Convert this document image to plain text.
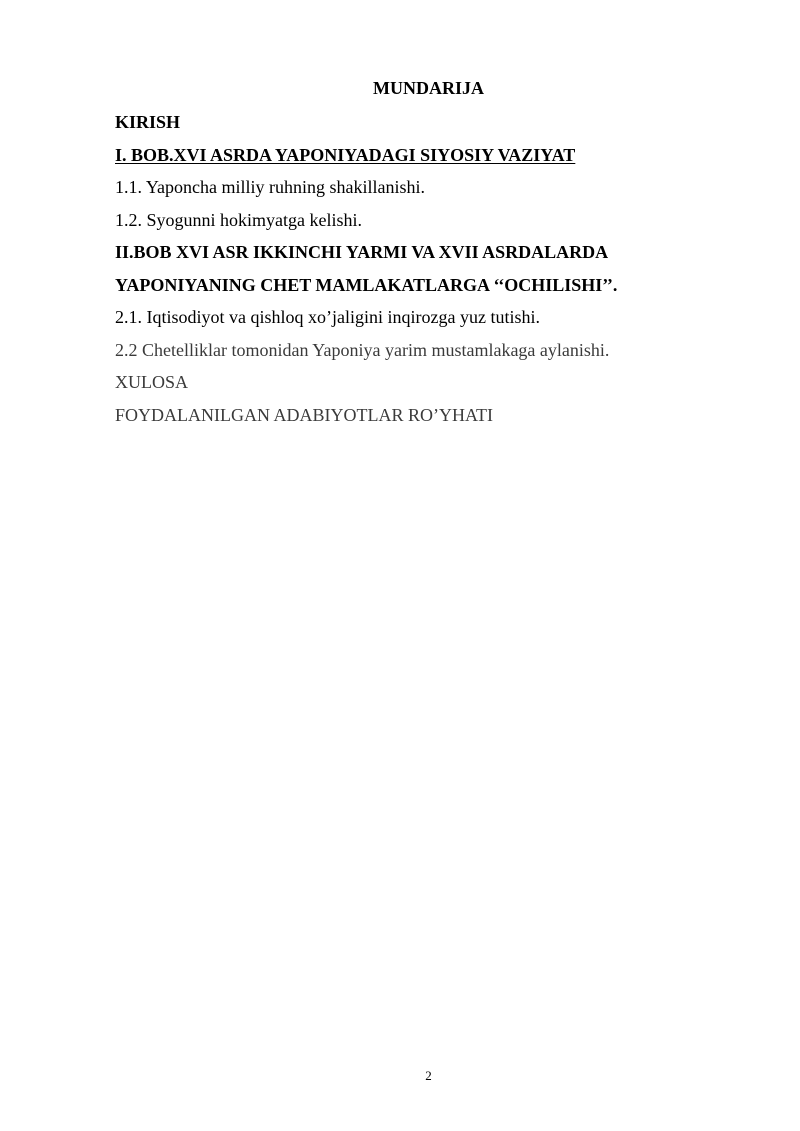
MUNDARIJA
KIRISH
I. BOB.XVI ASRDA YAPONIYADAGI SIYOSIY VAZIYAT
1.1. Yaponcha milliy ruhning shakillanishi.
1.2. Syogunni hokimyatga kelishi.
II.BOB XVI ASR IKKINCHI YARMI VA XVII ASRDALARDA
YAPONIYANING CHET MAMLAKATLARGA ‘‘OCHILISHI’’.
2.1. Iqtisodiyot va qishloq xo’jaligini inqirozga yuz tutishi.
2.2 Chetelliklar tomonidan Yaponiya yarim mustamlakaga aylanishi.
XULOSA
FOYDALANILGAN ADABIYOTLAR RO’YHATI
2
